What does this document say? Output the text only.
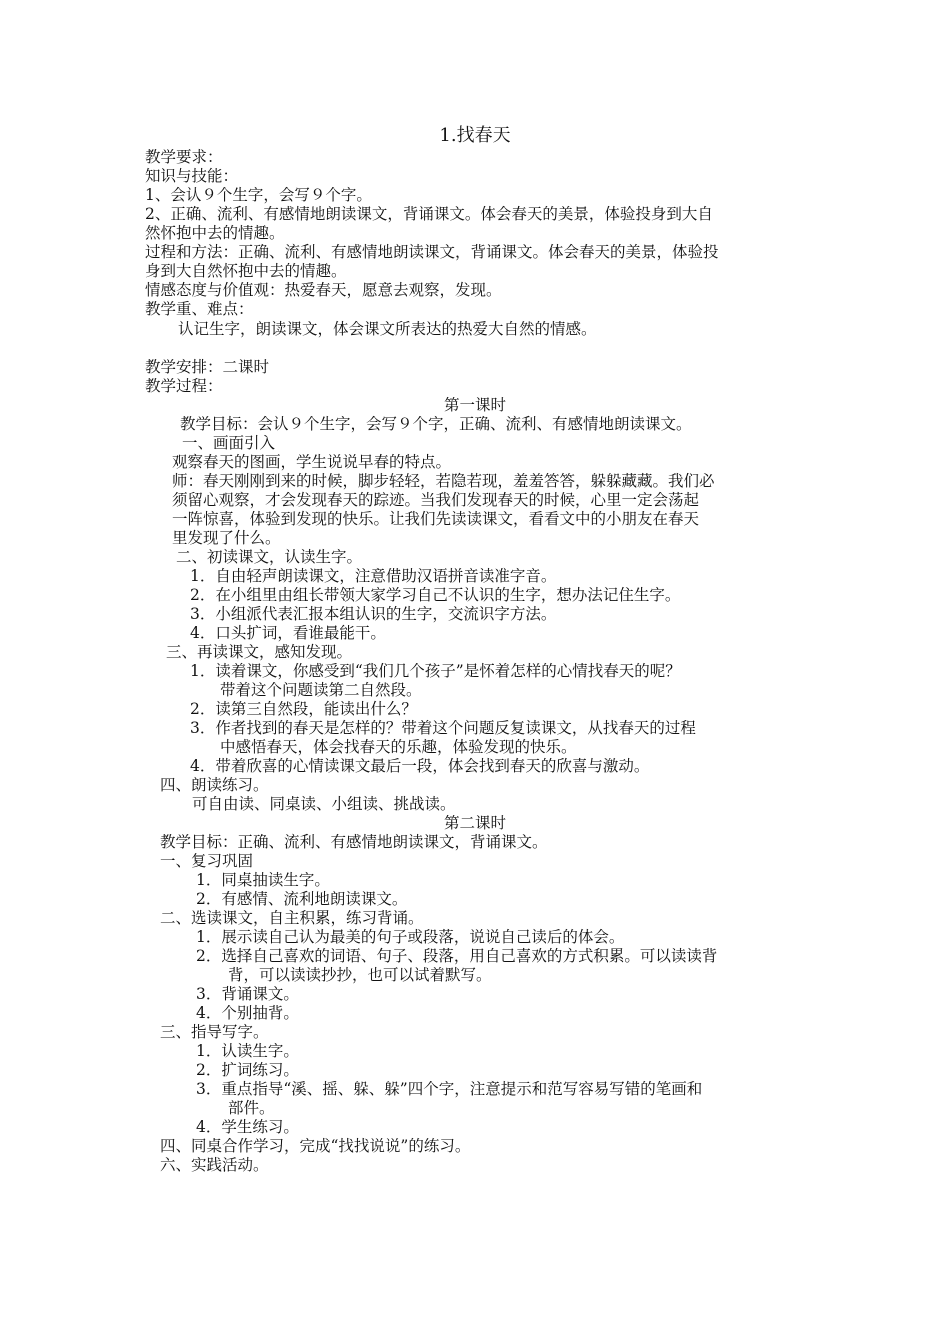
1.找春天
教学要求：
知识与技能：
1、会认９个生字，会写９个字。
2、正确、流利、有感情地朗读课文，背诵课文。体会春天的美景，体验投身到大自
然怀抱中去的情趣。
过程和方法：正确、流利、有感情地朗读课文，背诵课文。体会春天的美景，体验投
身到大自然怀抱中去的情趣。
情感态度与价值观：热爱春天，愿意去观察，发现。
教学重、难点：
认记生字，朗读课文，体会课文所表达的热爱大自然的情感。
教学安排：二课时
教学过程：
第一课时
教学目标：会认９个生字，会写９个字，正确、流利、有感情地朗读课文。
一、画面引入
观察春天的图画，学生说说早春的特点。
师：春天刚刚到来的时候，脚步轻轻，若隐若现，羞羞答答，躲躲藏藏。我们必
须留心观察，才会发现春天的踪迹。当我们发现春天的时候，心里一定会荡起
一阵惊喜，体验到发现的快乐。让我们先读读课文，看看文中的小朋友在春天
里发现了什么。
二、初读课文，认读生字。
1．自由轻声朗读课文，注意借助汉语拼音读准字音。
2．在小组里由组长带领大家学习自己不认识的生字，想办法记住生字。
3．小组派代表汇报本组认识的生字，交流识字方法。
4．口头扩词，看谁最能干。
三、再读课文，感知发现。
1．读着课文，你感受到“我们几个孩子”是怀着怎样的心情找春天的呢？
带着这个问题读第二自然段。
2．读第三自然段，能读出什么？
3．作者找到的春天是怎样的？带着这个问题反复读课文，从找春天的过程
中感悟春天，体会找春天的乐趣，体验发现的快乐。
4．带着欣喜的心情读课文最后一段，体会找到春天的欣喜与激动。
四、朗读练习。
可自由读、同桌读、小组读、挑战读。
第二课时
教学目标：正确、流利、有感情地朗读课文，背诵课文。
一、复习巩固
1．同桌抽读生字。
2．有感情、流利地朗读课文。
二、选读课文，自主积累，练习背诵。
1．展示读自己认为最美的句子或段落，说说自己读后的体会。
2．选择自己喜欢的词语、句子、段落，用自己喜欢的方式积累。可以读读背
背，可以读读抄抄，也可以试着默写。
3．背诵课文。
4．个别抽背。
三、指导写字。
1．认读生字。
2．扩词练习。
3．重点指导“溪、摇、躲、躲”四个字，注意提示和范写容易写错的笔画和
部件。
4．学生练习。
四、同桌合作学习，完成“找找说说”的练习。
六、实践活动。
